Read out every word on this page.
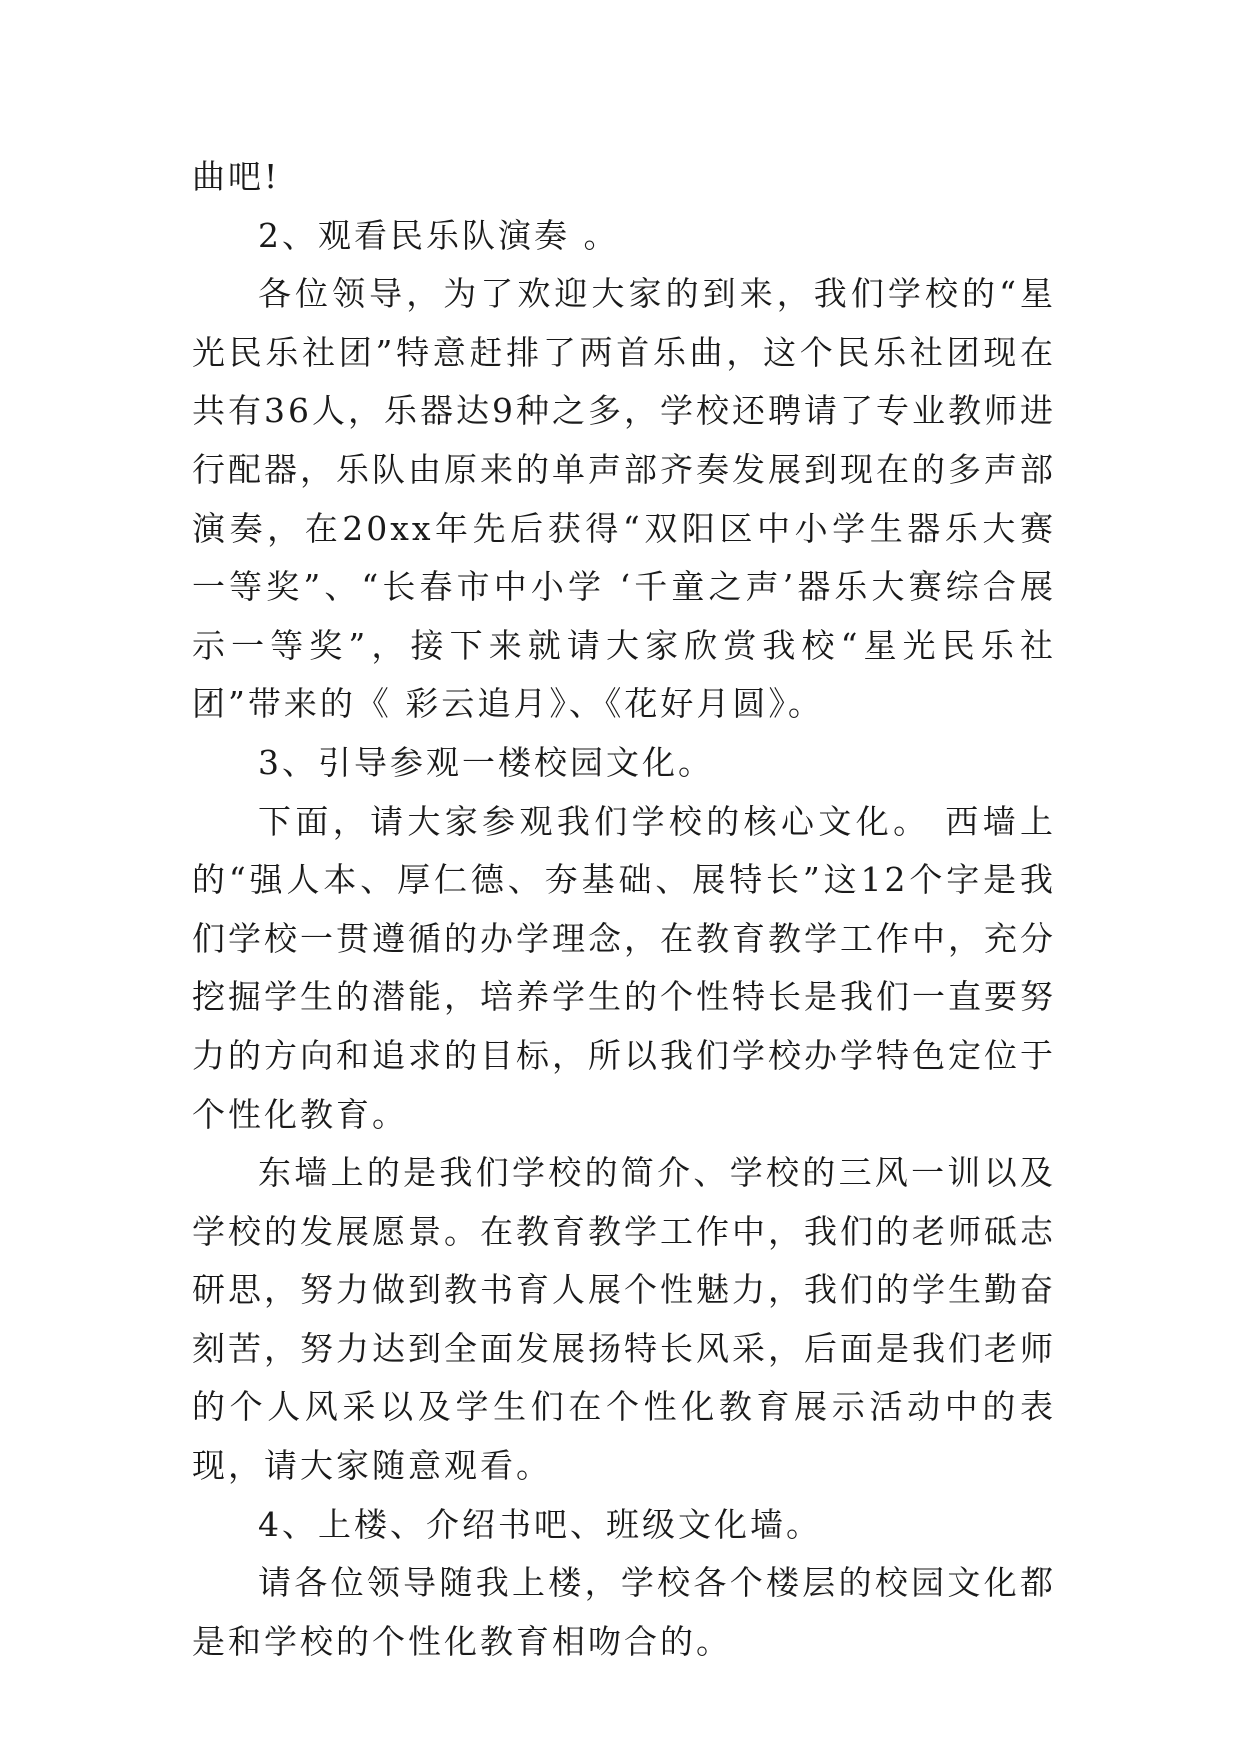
曲吧!

2、观看民乐队演奏 。

各位领导，为了欢迎大家的到来，我们学校的“星光民乐社团”特意赶排了两首乐曲，这个民乐社团现在共有36人，乐器达9种之多，学校还聘请了专业教师进行配器，乐队由原来的单声部齐奏发展到现在的多声部演奏，在20xx年先后获得“双阳区中小学生器乐大赛一等奖”、“长春市中小学 ‘千童之声’器乐大赛综合展示一等奖”，接下来就请大家欣赏我校“星光民乐社团”带来的《 彩云追月》、《花好月圆》。

3、引导参观一楼校园文化。

下面，请大家参观我们学校的核心文化。 西墙上的“强人本、厚仁德、夯基础、展特长”这12个字是我们学校一贯遵循的办学理念，在教育教学工作中，充分挖掘学生的潜能，培养学生的个性特长是我们一直要努力的方向和追求的目标，所以我们学校办学特色定位于个性化教育。

东墙上的是我们学校的简介、学校的三风一训以及学校的发展愿景。在教育教学工作中，我们的老师砥志研思，努力做到教书育人展个性魅力，我们的学生勤奋刻苦，努力达到全面发展扬特长风采，后面是我们老师的个人风采以及学生们在个性化教育展示活动中的表现，请大家随意观看。

4、上楼、介绍书吧、班级文化墙。

请各位领导随我上楼，学校各个楼层的校园文化都是和学校的个性化教育相吻合的。
